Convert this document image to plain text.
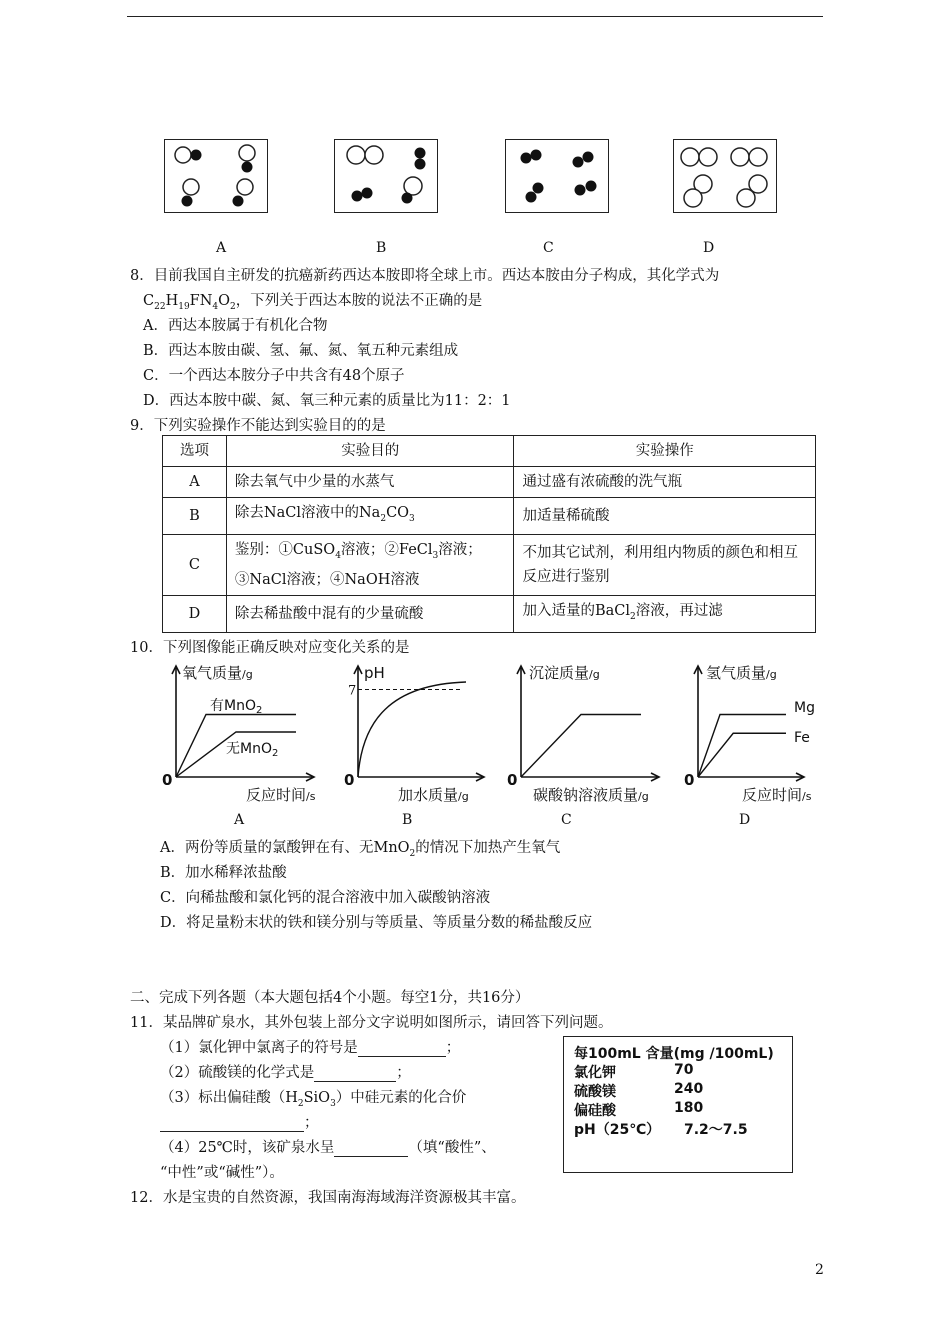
A	B	C	D
8．目前我国自主研发的抗癌新药西达本胺即将全球上市。西达本胺由分子构成，其化学式为
$C_{22}H_{19}FN_4O_2$，下列关于西达本胺的说法不正确的是
A．西达本胺属于有机化合物
B．西达本胺由碳、氢、氟、氮、氧五种元素组成
C．一个西达本胺分子中共含有48个原子
D．西达本胺中碳、氮、氧三种元素的质量比为11：2：1
9．下列实验操作不能达到实验目的的是
选项	实验目的	实验操作
A	除去氧气中少量的水蒸气	通过盛有浓硫酸的洗气瓶
B	除去NaCl溶液中的$Na_2CO_3$	加适量稀硫酸
C	鉴别：①CuSO$_4$溶液；②FeCl$_3$溶液；③NaCl溶液；④NaOH溶液	不加其它试剂，利用组内物质的颜色和相互反应进行鉴别
D	除去稀盐酸中混有的少量硫酸	加入适量的BaCl$_2$溶液，再过滤
10．下列图像能正确反映对应变化关系的是
0
氧气质量/g
反应时间/s
有MnO$_2$
无MnO$_2$
0
pH
加水质量/g
7
0
沉淀质量/g
碳酸钠溶液质量/g
0
氢气质量/g
反应时间/s
Mg
Fe
A	B	C	D
A．两份等质量的氯酸钾在有、无MnO$_2$的情况下加热产生氧气
B．加水稀释浓盐酸
C．向稀盐酸和氯化钙的混合溶液中加入碳酸钠溶液
D．将足量粉末状的铁和镁分别与等质量、等质量分数的稀盐酸反应
二、完成下列各题（本大题包括4个小题。每空1分，共16分）
11．某品牌矿泉水，其外包装上部分文字说明如图所示，请回答下列问题。
（1）氯化钾中氯离子的符号是	；
（2）硫酸镁的化学式是	；
（3）标出偏硅酸$(H_2SiO_3)$中硅元素的化合价
；
（4）25℃时，该矿泉水呈	（填“酸性”、
“中性”或“碱性”）。
每100mL 含量(mg /100mL)
氯化钾	70
硫酸镁	240
偏硅酸	180
pH（25℃） 7.2～7.5
12．水是宝贵的自然资源，我国南海海域海洋资源极其丰富。
2
